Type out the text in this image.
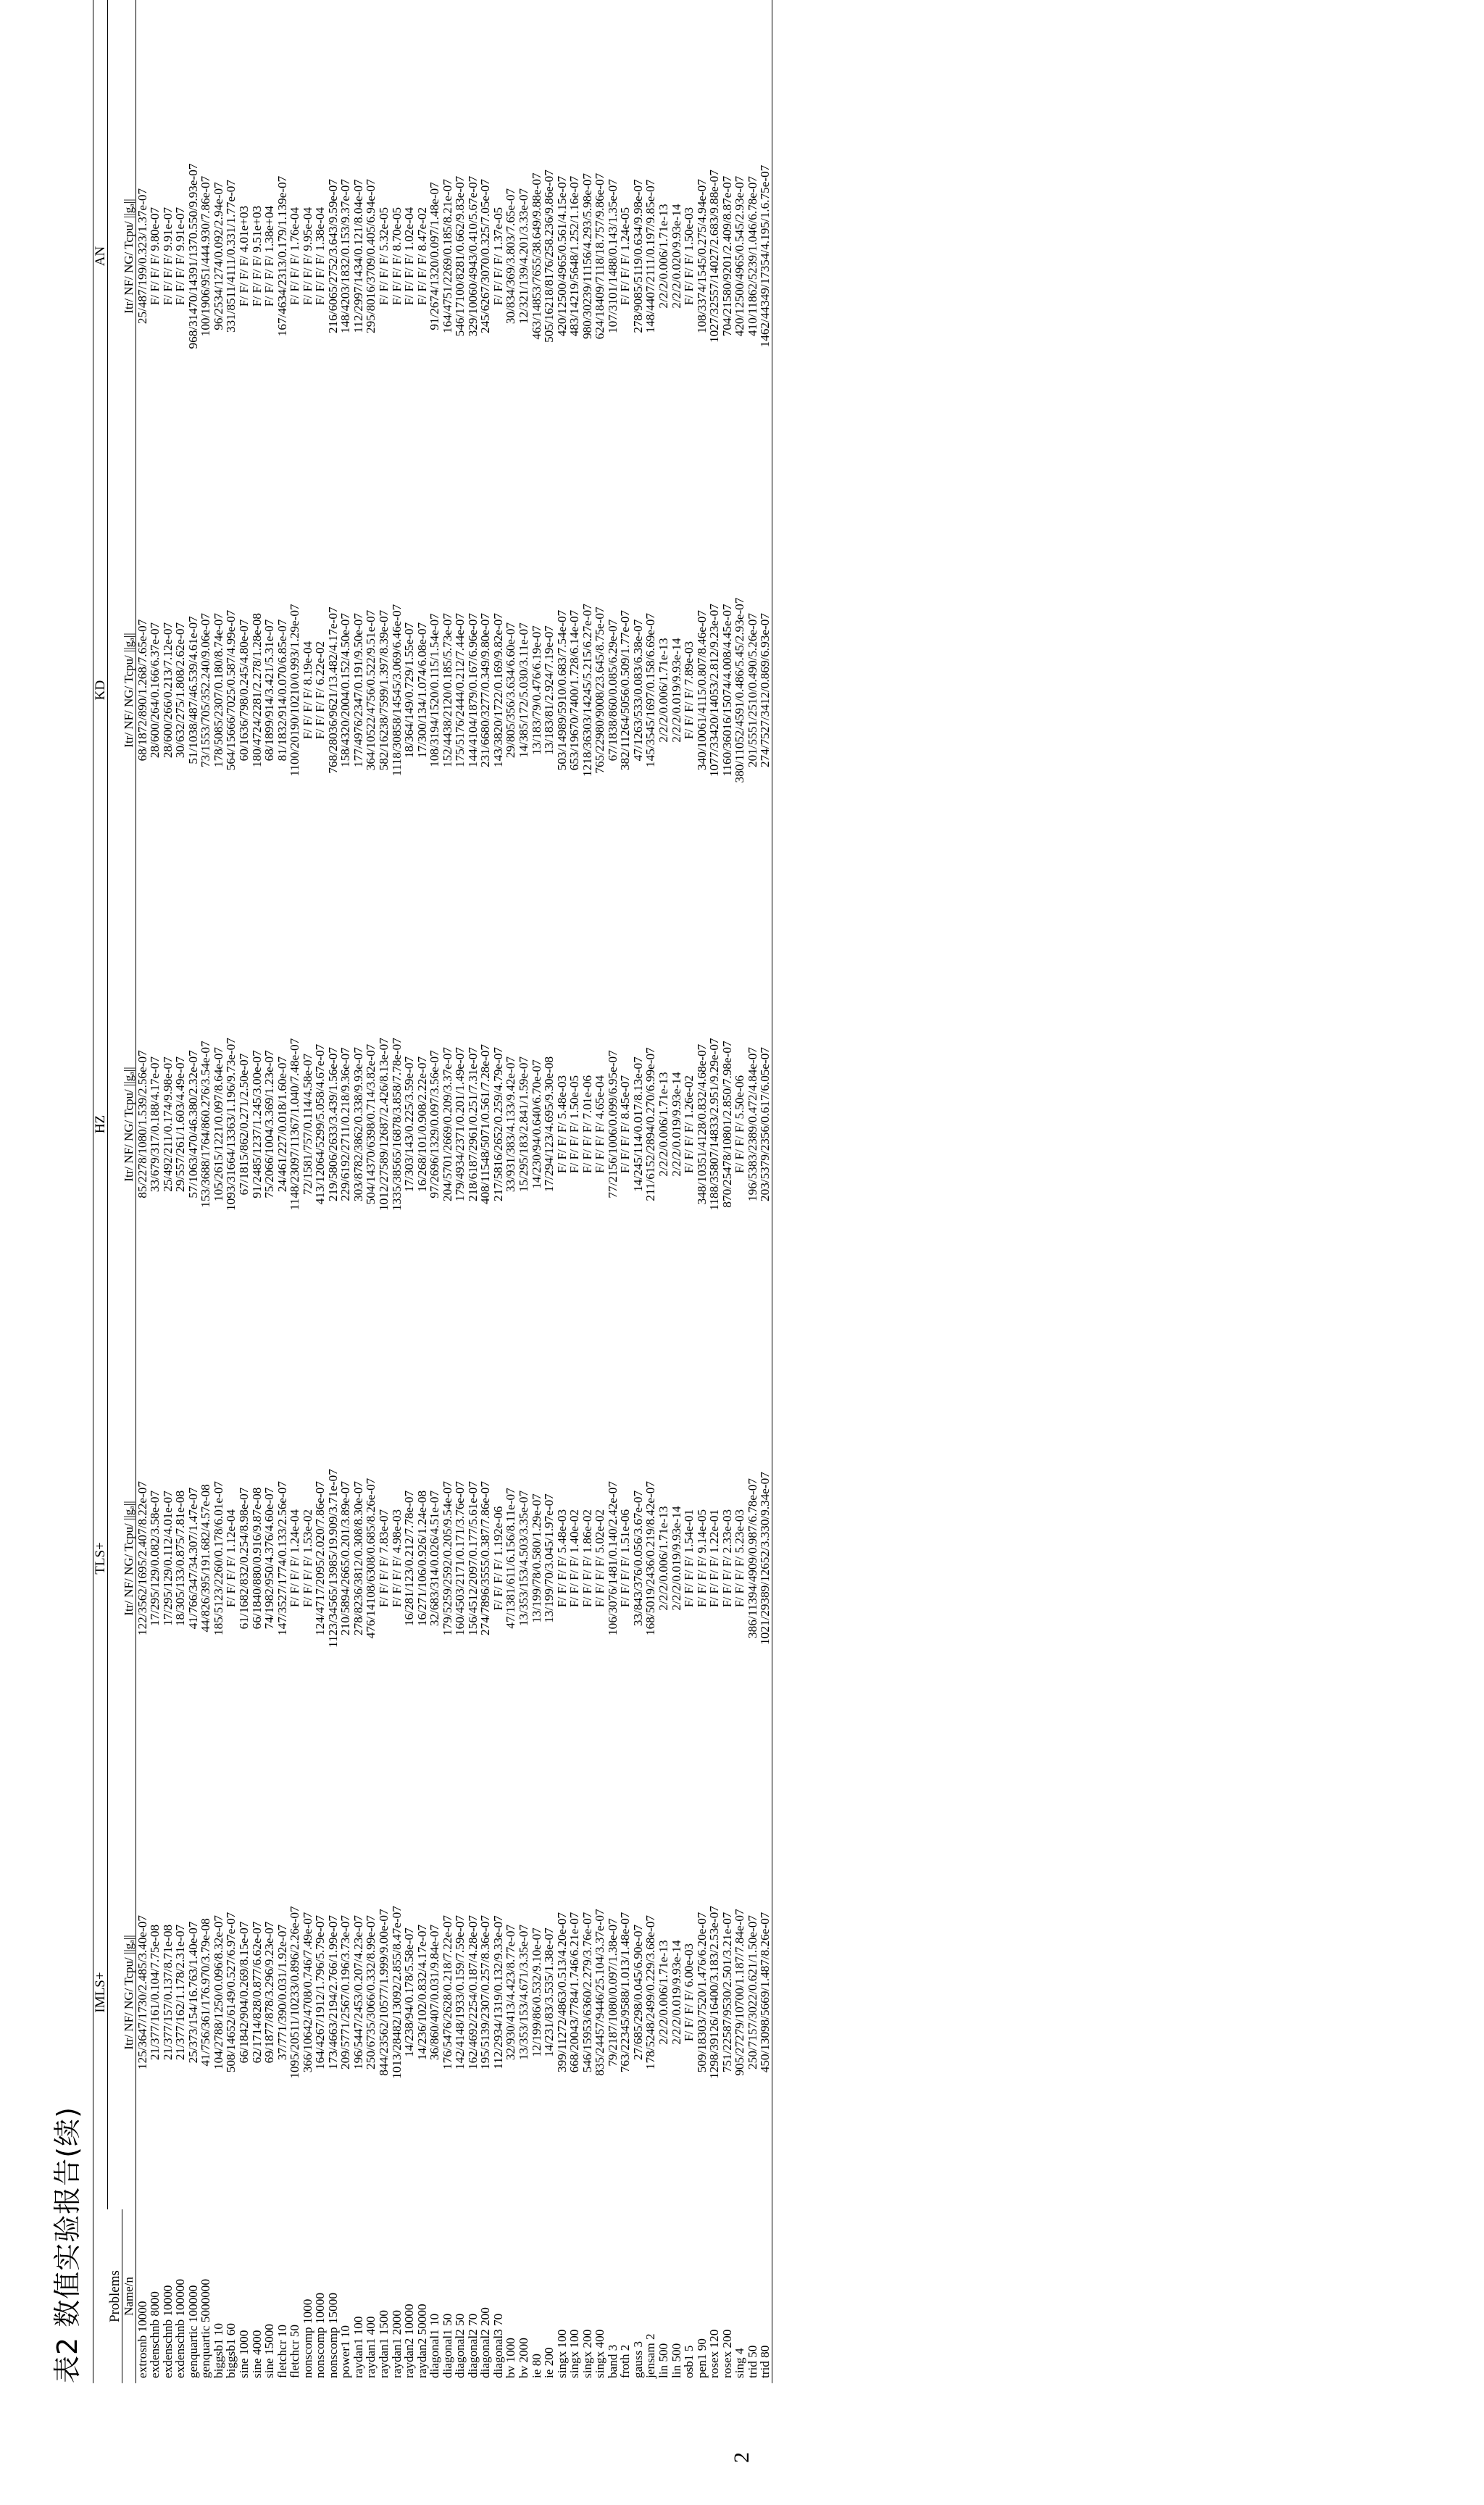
表2 数值实验报告(续)
	IMLS+	TLS+	HZ	KD	AN	
Problems						
Name/n	Itr/ NF/ NG/ Tcpu/ ||gₐ||	Itr/ NF/ NG/ Tcpu/ ||gₐ||	Itr/ NF/ NG/ Tcpu/ ||gₐ||	Itr/ NF/ NG/ Tcpu/ ||gₐ||	Itr/ NF/ NG/ Tcpu/ ||gₐ||	
extrosnb 10000	125/3647/1730/2.485/3.40e-07	122/3562/1695/2.407/8.22e-07	85/2278/1080/1.539/2.56e-07	68/1872/890/1.268/7.65e-07	25/487/199/0.323/1.37e-07	
exdenschnb 8000	21/377/161/0.104/7.75e-08	17/295/129/0.082/3.58e-07	33/679/317/0.188/4.17e-07	28/600/264/0.166/6.37e-07	F/ F/ F/ F/ 9.80e-07	
exdenschnb 10000	21/377/157/0.137/8.71e-08	17/295/129/0.112/4.01e-07	25/492/211/0.174/9.98e-07	28/600/266/0.213/7.12e-07	F/ F/ F/ F/ 9.91e-07	
exdenschnb 100000	21/377/162/1.178/2.31e-07	18/305/133/0.875/7.81e-08	29/557/261/1.603/4.49e-07	30/632/275/1.808/2.62e-07	F/ F/ F/ F/ 9.91e-07	
genquartic 100000	25/373/154/16.763/1.40e-07	41/766/347/34.307/1.47e-07	57/1063/470/46.380/2.32e-07	51/1038/487/46.539/4.61e-07	968/31470/14391/1370.550/9.93e-07	
genquartic 5000000	41/756/361/176.970/3.79e-08	44/826/395/191.682/4.57e-08	153/3688/1764/860.276/3.54e-07	73/1553/705/352.240/9.06e-07	100/1906/951/444.930/7.86e-07	
biggsb1 10	104/2788/1250/0.096/8.32e-07	185/5123/2260/0.178/6.01e-07	105/2615/1221/0.097/8.64e-07	178/5085/2307/0.180/8.74e-07	96/2534/1274/0.092/2.94e-07	
biggsb1 60	508/14652/6149/0.527/6.97e-07	F/ F/ F/ F/ 1.12e-04	1093/31664/13363/1.196/9.73e-07	564/15666/7025/0.587/4.99e-07	331/8511/4111/0.331/1.77e-07	
sine 1000	66/1842/904/0.269/8.15e-07	61/1682/832/0.254/8.98e-07	67/1815/862/0.271/2.50e-07	60/1636/798/0.245/4.80e-07	F/ F/ F/ F/ 4.01e+03	
sine 4000	62/1714/828/0.877/6.62e-07	66/1840/880/0.916/9.87e-08	91/2485/1237/1.245/3.00e-07	180/4724/2281/2.278/1.28e-08	F/ F/ F/ F/ 9.51e+03	
sine 15000	69/1877/878/3.296/9.23e-07	74/1982/950/4.376/4.60e-07	75/2066/1004/3.369/1.23e-07	68/1899/914/3.421/5.31e-07	F/ F/ F/ F/ 1.38e+04	
fletchcr 10	37/771/390/0.031/1.92e-07	147/3527/1774/0.133/2.56e-07	24/461/227/0.018/1.60e-07	81/1832/914/0.070/6.85e-07	167/4634/2313/0.179/1.139e-07	
fletchcr 50	1095/20511/10233/0.896/2.26e-07	F/ F/ F/ F/ 1.24e-04	1148/23097/11367/1.040/7.48e-07	1100/20190/10210/0.993/1.29e-07	F/ F/ F/ F/ 1.76e-04	
nonscomp 1000	366/10642/4708/0.746/7.49e-07	F/ F/ F/ F/ 1.53e-02	72/1581/757/0.114/4.58e-07	F/ F/ F/ F/ 8.19e-04	F/ F/ F/ F/ 9.95e-04	
nonscomp 10000	164/4267/1912/1.796/5.79e-07	124/4717/2095/2.020/7.86e-07	413/12064/5299/5.058/4.67e-07	F/ F/ F/ F/ 6.22e-02	F/ F/ F/ F/ 1.38e-04	
nonscomp 15000	173/4663/2194/2.766/1.99e-07	1123/34565/13985/19.909/3.71e-07	219/5806/2633/3.439/1.56e-07	768/28036/9621/13.482/4.17e-07	216/6065/2752/3.643/9.59e-07	
power1 10	209/5771/2567/0.196/3.73e-07	210/5894/2665/0.201/3.89e-07	229/6192/2711/0.218/9.36e-07	158/4320/2004/0.152/4.50e-07	148/4203/1832/0.153/9.37e-07	
raydan1 100	196/5447/2453/0.207/4.23e-07	278/8236/3812/0.308/8.30e-07	303/8782/3862/0.338/9.93e-07	177/4976/2347/0.191/9.50e-07	112/2997/1434/0.121/8.04e-07	
raydan1 400	250/6735/3066/0.332/8.99e-07	476/14108/6308/0.685/8.26e-07	504/14370/6398/0.714/3.82e-07	364/10522/4756/0.522/9.51e-07	295/8016/3709/0.405/6.94e-07	
raydan1 1500	844/23562/10577/1.999/9.00e-07	F/ F/ F/ F/ 7.83e-07	1012/27589/12687/2.426/8.13e-07	582/16238/7599/1.397/8.39e-07	F/ F/ F/ F/ 5.32e-05	
raydan1 2000	1013/28482/13092/2.855/8.47e-07	F/ F/ F/ F/ 4.98e-03	1335/38565/16878/3.858/7.78e-07	1118/30858/14545/3.069/6.46e-07	F/ F/ F/ F/ 8.70e-05	
raydan2 10000	14/238/94/0.178/5.58e-07	16/281/123/0.212/7.78e-07	17/303/143/0.225/3.59e-07	18/364/149/0.729/1.55e-07	F/ F/ F/ F/ 1.02e-04	
raydan2 50000	14/236/102/0.832/4.17e-07	16/271/106/0.926/1.24e-08	16/268/101/0.908/2.22e-07	17/300/134/1.074/6.08e-07	F/ F/ F/ F/ 8.47e-02	
diagonal1 10	36/860/407/0.031/9.84e-07	32/683/314/0.026/4.51e-07	97/2696/1329/0.097/3.56e-07	108/3194/1520/0.115/1.54e-07	91/2674/1320/0.097/1.48e-07	
diagonal1 50	176/5476/2628/0.218/7.22e-07	179/5259/2592/0.205/9.54e-07	204/5701/2669/0.209/3.37e-07	152/4438/2120/0.185/5.73e-07	164/4751/2269/0.185/8.21e-07	
diagonal2 50	142/4148/1933/0.159/7.59e-07	160/4503/2171/0.171/3.76e-07	179/4934/2371/0.201/1.49e-07	175/5176/2444/0.212/7.44e-07	546/17100/8281/0.662/9.83e-07	
diagonal2 70	162/4692/2254/0.187/4.28e-07	156/4512/2097/0.177/5.61e-07	218/6187/2961/0.251/7.31e-07	144/4104/1879/0.167/6.96e-07	329/10060/4943/0.410/5.67e-07	
diagonal2 200	195/5139/2307/0.257/8.36e-07	274/7896/3555/0.387/7.86e-07	408/11548/5071/0.561/7.28e-07	231/6680/3277/0.349/9.80e-07	245/6267/3070/0.325/7.05e-07	
diagonal3 70	112/2934/1319/0.132/9.33e-07	F/ F/ F/ F/ 1.192e-06	217/5816/2652/0.259/4.79e-07	143/3820/1722/0.169/9.82e-07	F/ F/ F/ F/ 1.37e-05	
bv 1000	32/930/413/4.423/8.77e-07	47/1381/611/6.156/8.11e-07	33/931/383/4.133/9.42e-07	29/805/356/3.634/6.60e-07	30/834/369/3.803/7.65e-07	
bv 2000	13/353/153/4.671/3.35e-07	13/353/153/4.503/3.35e-07	15/295/183/2.841/1.59e-07	14/385/172/5.030/3.11e-07	12/321/139/4.201/3.33e-07	
ie 80	12/199/86/0.532/9.10e-07	13/199/78/0.580/1.29e-07	14/230/94/0.640/6.70e-07	13/183/79/0.476/6.19e-07	463/14853/7655/38.649/9.88e-07	
ie 200	14/231/83/3.535/1.38e-07	13/199/70/3.045/1.97e-07	17/294/123/4.695/9.30e-08	13/183/81/2.924/7.19e-07	505/16218/8176/258.236/9.86e-07	
singx 100	399/11272/4863/0.513/4.20e-07	F/ F/ F/ F/ 5.48e-03	F/ F/ F/ F/ 5.48e-03	503/14989/5910/0.683/7.54e-07	420/12500/4965/0.561/4.15e-07	
singx 100	668/20043/7784/1.746/6.21e-07	F/ F/ F/ F/ 1.40e-02	F/ F/ F/ F/ 1.50e-05	653/19670/7400/1.728/6.14e-07	483/14219/5648/1.252/1.16e-07	
singx 200	546/15953/6360/2.279/3.76e-07	F/ F/ F/ F/ 1.86e-02	F/ F/ F/ F/ 7.01e-06	1218/36303/14245/5.215/6.27e-07	980/30239/11156/4.293/5.98e-07	
singx 400	835/24457/9446/25.104/3.37e-07	F/ F/ F/ F/ 5.02e-02	F/ F/ F/ F/ 4.65e-04	765/22980/9008/23.645/8.75e-07	624/18409/7118/18.757/9.86e-07	
band 3	79/2187/1080/0.097/1.38e-07	106/3076/1481/0.140/2.42e-07	77/2156/1006/0.099/6.95e-07	67/1838/860/0.085/6.29e-07	107/3101/1488/0.143/1.35e-07	
froth 2	763/22345/9588/1.013/1.48e-07	F/ F/ F/ F/ 1.51e-06	F/ F/ F/ F/ 8.45e-07	382/11264/5056/0.509/1.77e-07	F/ F/ F/ F/ 1.24e-05	
gauss 3	27/685/298/0.045/6.90e-07	33/843/376/0.056/3.67e-07	14/245/114/0.017/8.13e-07	47/1263/533/0.083/6.38e-07	278/9085/5119/0.634/9.98e-07	
jensam 2	178/5248/2499/0.229/3.68e-07	168/5019/2436/0.219/8.42e-07	211/6152/2894/0.270/6.99e-07	145/3545/1697/0.158/6.69e-07	148/4407/2111/0.197/9.85e-07	
lin 500	2/2/2/0.006/1.71e-13	2/2/2/0.006/1.71e-13	2/2/2/0.006/1.71e-13	2/2/2/0.006/1.71e-13	2/2/2/0.006/1.71e-13	
lin 500	2/2/2/0.019/9.93e-14	2/2/2/0.019/9.93e-14	2/2/2/0.019/9.93e-14	2/2/2/0.019/9.93e-14	2/2/2/0.020/9.93e-14	
osb1 5	F/ F/ F/ F/ 6.00e-03	F/ F/ F/ F/ 1.54e-01	F/ F/ F/ F/ 1.26e-02	F/ F/ F/ F/ 7.89e-03	F/ F/ F/ F/ 1.50e-03	
pen1 90	509/18303/7520/1.476/6.20e-07	F/ F/ F/ F/ 9.14e-05	348/10351/4128/0.832/4.68e-07	340/10061/4115/0.807/8.46e-07	108/3374/1545/0.275/4.94e-07	
rosex 120	1298/39126/16400/3.183/2.53e-07	F/ F/ F/ F/ 1.22e-01	1188/35807/14833/2.951/9.29e-07	1077/33420/14053/2.812/9.23e-07	1027/32557/14027/2.683/9.88e-07	
rosex 200	751/22587/9530/2.501/3.21e-07	F/ F/ F/ F/ 2.33e-03	870/25478/10801/2.850/7.98e-07	1160/36016/15074/4.008/4.45e-07	704/21580/9201/2.409/8.87e-07	
sing 4	905/27279/10700/1.187/7.84e-07	F/ F/ F/ F/ 5.23e-03	F/ F/ F/ F/ 5.50e-06	380/11052/4591/0.486/5.45/2.93e-07	420/12500/4965/0.545/2.93e-07	
trid 50	250/7157/3022/0.621/1.50e-07	386/11394/4909/0.987/6.78e-07	196/5383/2389/0.472/4.84e-07	201/5551/2510/0.490/5.26e-07	410/11862/5239/1.046/6.78e-07	
trid 80	450/13098/5669/1.487/8.26e-07	1021/29389/12652/3.330/9.34e-07	203/5379/2356/0.617/6.05e-07	274/7527/3412/0.869/6.93e-07	1462/44349/17354/4.195/1.6.75e-07	
2
